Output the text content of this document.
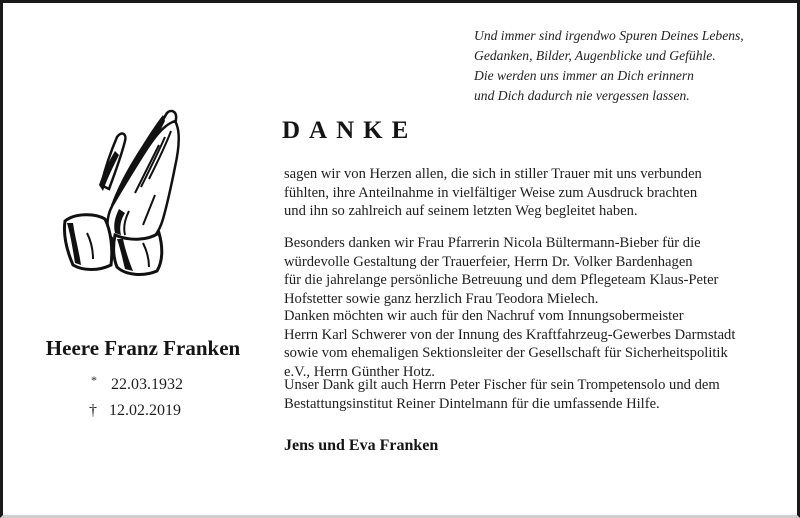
Und immer sind irgendwo Spuren Deines Lebens,
Gedanken, Bilder, Augenblicke und Gefühle.
Die werden uns immer an Dich erinnern
und Dich dadurch nie vergessen lassen.
DANKE
sagen wir von Herzen allen, die sich in stiller Trauer mit uns verbunden
fühlten, ihre Anteilnahme in vielfältiger Weise zum Ausdruck brachten
und ihn so zahlreich auf seinem letzten Weg begleitet haben.
Besonders danken wir Frau Pfarrerin Nicola Bültermann-Bieber für die
würdevolle Gestaltung der Trauerfeier, Herrn Dr. Volker Bardenhagen
für die jahrelange persönliche Betreuung und dem Pflegeteam Klaus-Peter
Hofstetter sowie ganz herzlich Frau Teodora Mielech.
Danken möchten wir auch für den Nachruf vom Innungsobermeister
Herrn Karl Schwerer von der Innung des Kraftfahrzeug-Gewerbes Darmstadt
sowie vom ehemaligen Sektionsleiter der Gesellschaft für Sicherheitspolitik
e.V., Herrn Günther Hotz.
Unser Dank gilt auch Herrn Peter Fischer für sein Trompetensolo und dem
Bestattungsinstitut Reiner Dintelmann für die umfassende Hilfe.
Jens und Eva Franken
Heere Franz Franken
* 22.03.1932
† 12.02.2019
